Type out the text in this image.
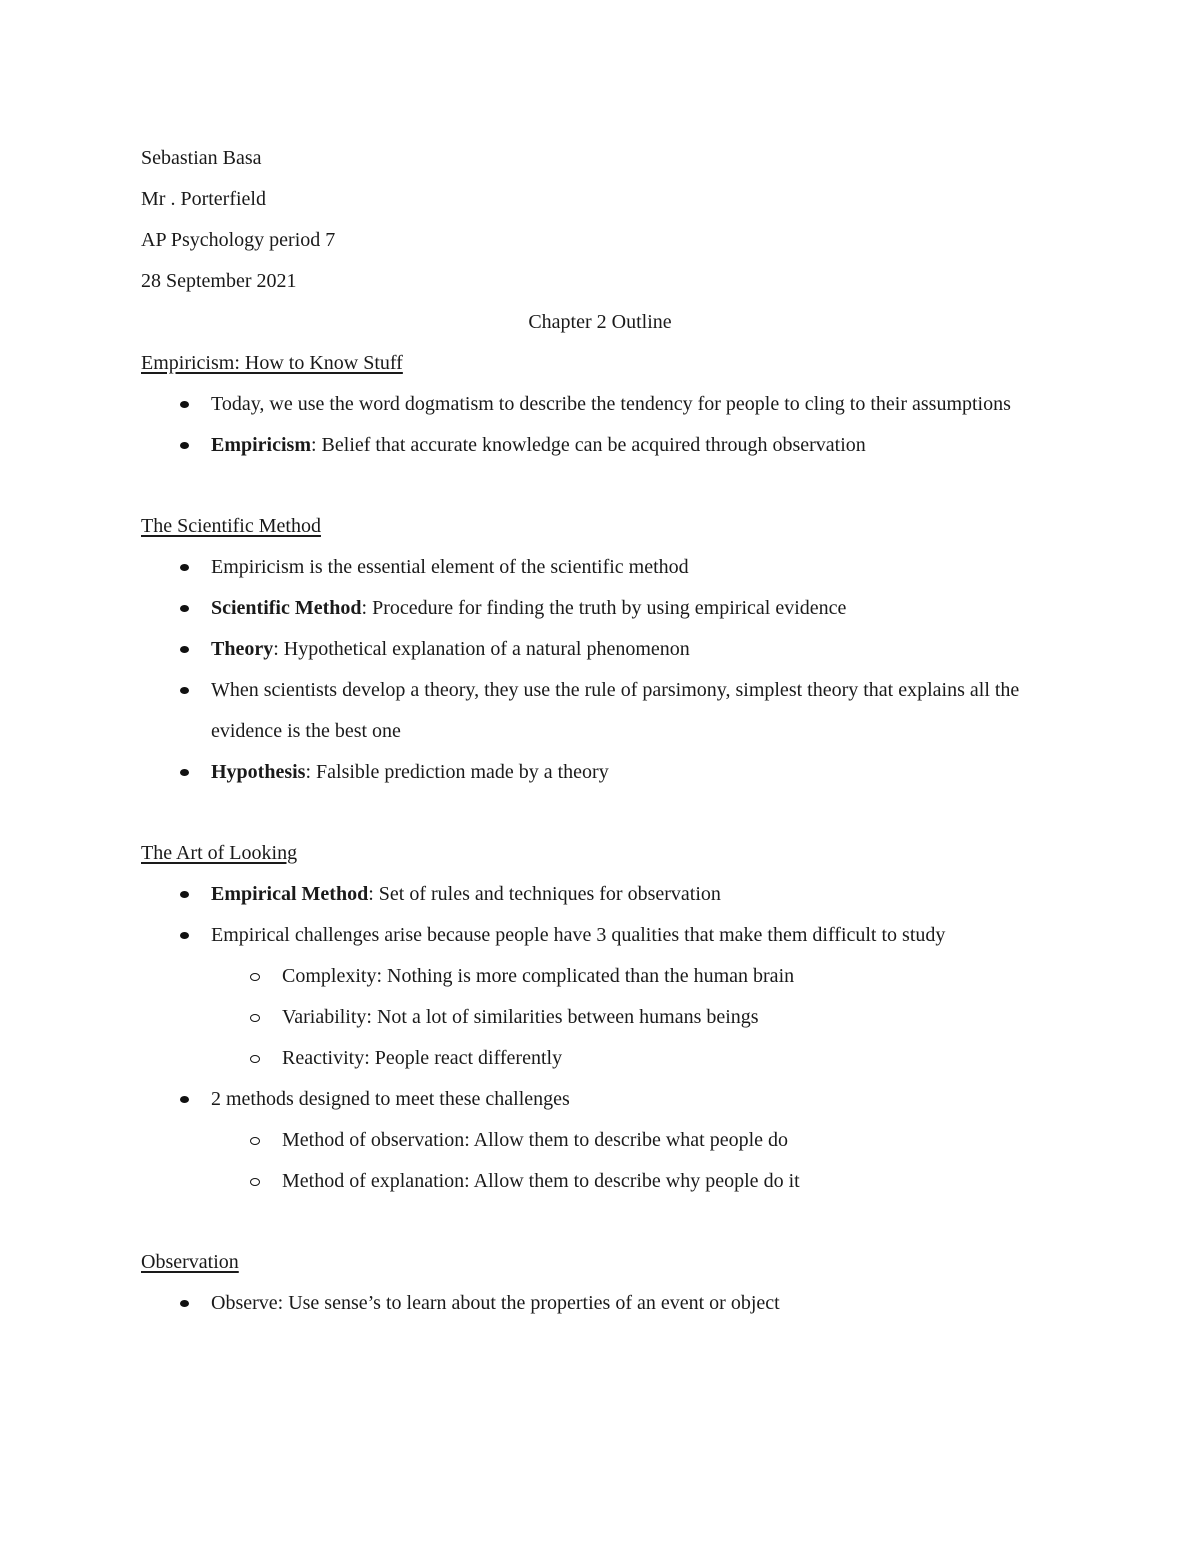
Sebastian Basa
Mr . Porterfield
AP Psychology period 7
28 September 2021
Chapter 2 Outline
Empiricism: How to Know Stuff
Today, we use the word dogmatism to describe the tendency for people to cling to their assumptions
Empiricism: Belief that accurate knowledge can be acquired through observation
The Scientific Method
Empiricism is the essential element of the scientific method
Scientific Method: Procedure for finding the truth by using empirical evidence
Theory: Hypothetical explanation of a natural phenomenon
When scientists develop a theory, they use the rule of parsimony, simplest theory that explains all the evidence is the best one
Hypothesis: Falsible prediction made by a theory
The Art of Looking
Empirical Method: Set of rules and techniques for observation
Empirical challenges arise because people have 3 qualities that make them difficult to study
Complexity: Nothing is more complicated than the human brain
Variability: Not a lot of similarities between humans beings
Reactivity: People react differently
2 methods designed to meet these challenges
Method of observation: Allow them to describe what people do
Method of explanation: Allow them to describe why people do it
Observation
Observe: Use sense’s to learn about the properties of an event or object
